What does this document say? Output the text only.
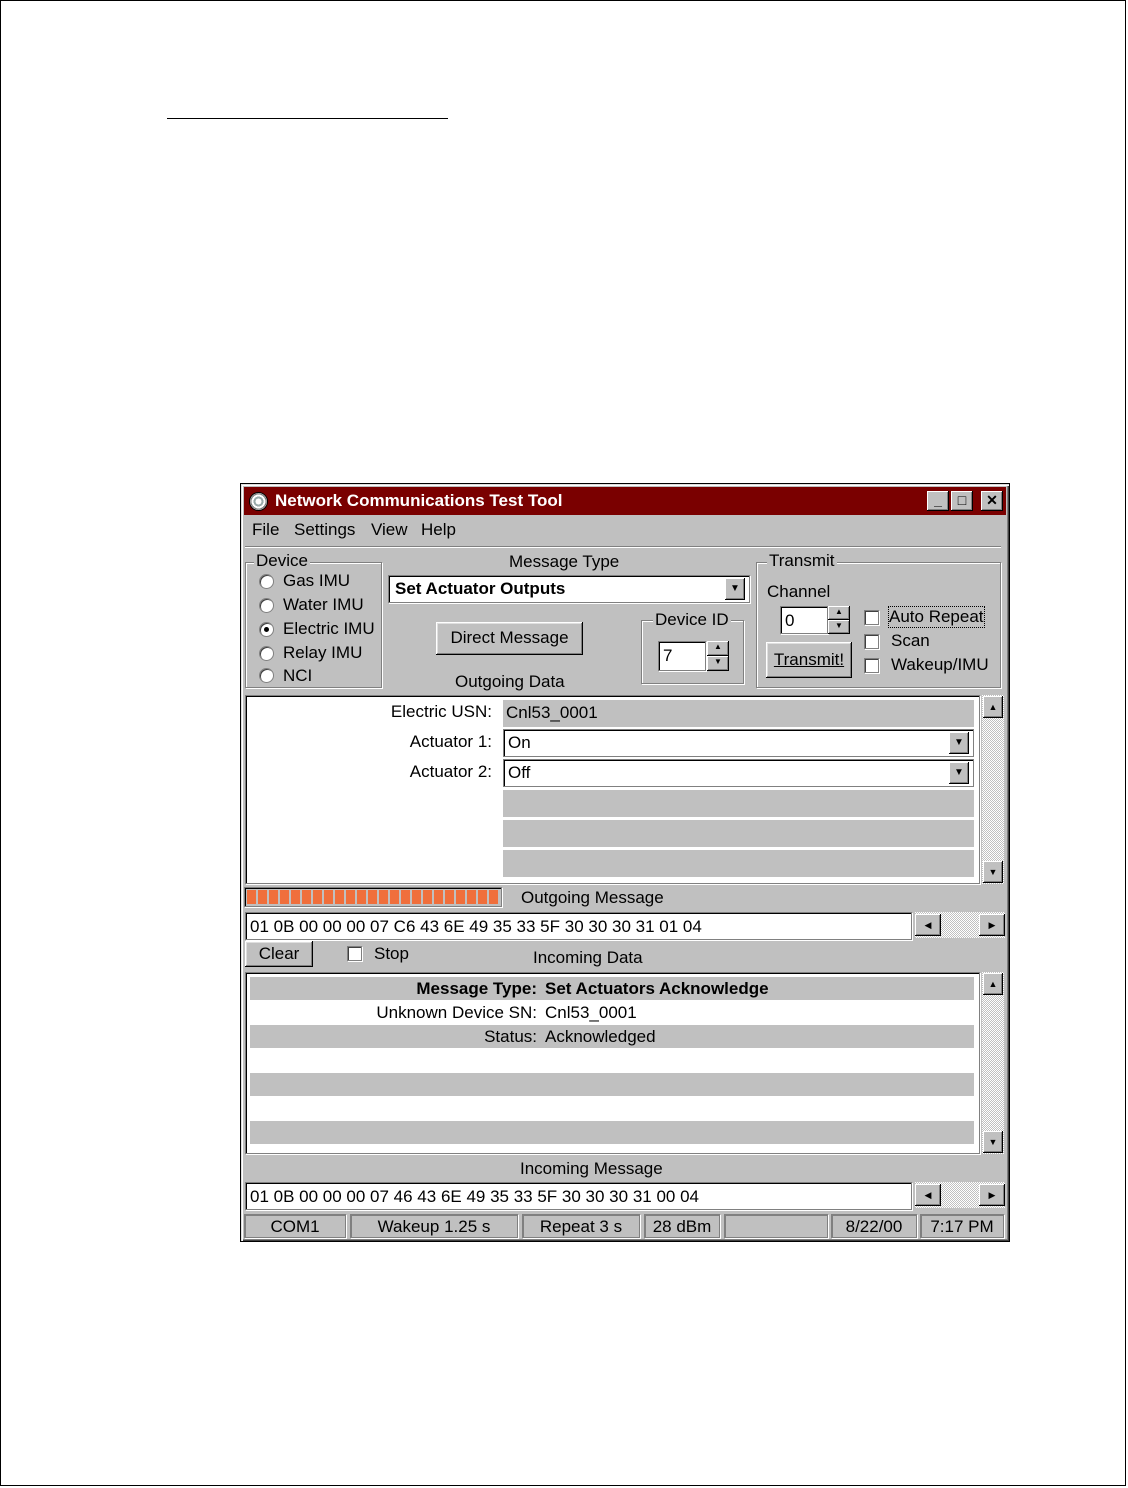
Network Communications Test Tool	_	□	✕
File Settings View Help
Device
Gas IMU
Water IMU
Electric IMU
Relay IMU
NCI
Message Type
Set Actuator Outputs	▼
Direct Message
Outgoing Data
Device ID
7	▲
▼
Transmit
Channel
0	▲
▼
Transmit!
Auto Repeat
Scan
Wakeup/IMU
Electric USN: Cnl53_0001
Actuator 1: On	▼
Actuator 2: Off	▼
▲
▼
Outgoing Message
01 0B 00 00 00 07 C6 43 6E 49 35 33 5F 30 30 30 31 01 04	◀	▶
Clear	Stop	Incoming Data
Message Type: Set Actuators Acknowledge
Unknown Device SN: Cnl53_0001
Status: Acknowledged
▲
▼
Incoming Message
01 0B 00 00 00 07 46 43 6E 49 35 33 5F 30 30 30 31 00 04	◀	▶
COM1	Wakeup 1.25 s	Repeat 3 s	28 dBm	8/22/00	7:17 PM
